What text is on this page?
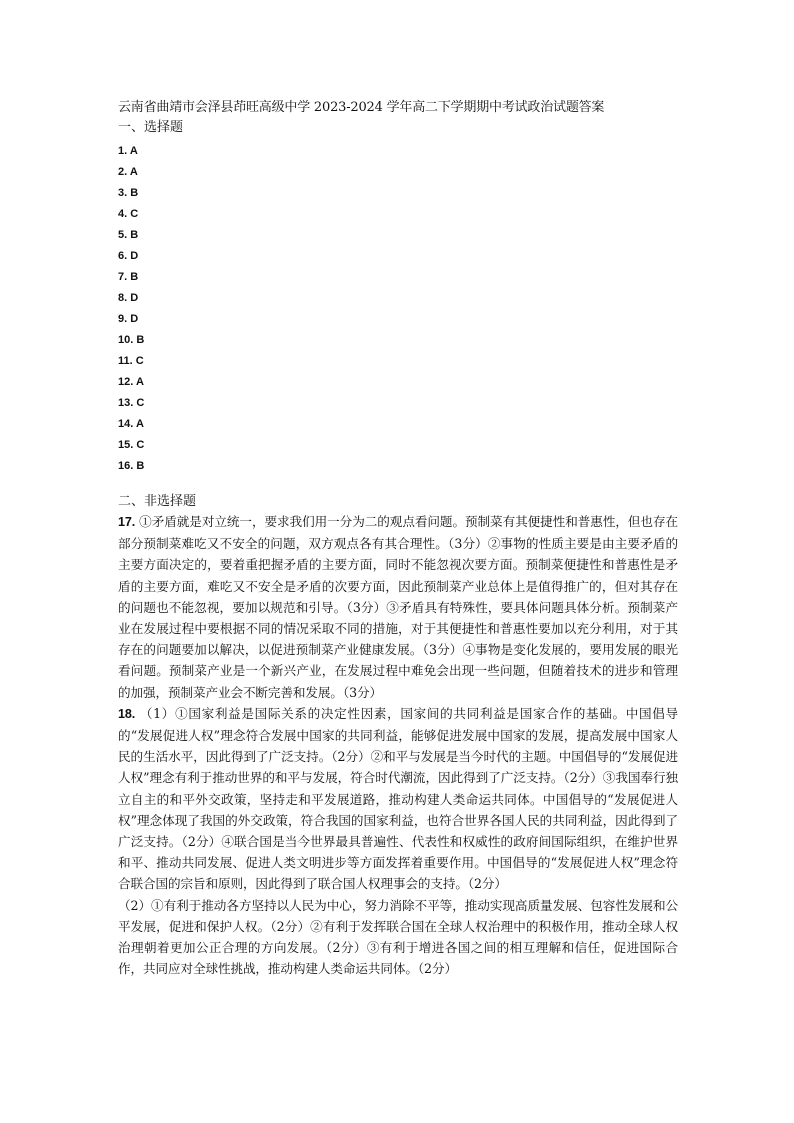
云南省曲靖市会泽县茚旺高级中学 2023-2024 学年高二下学期期中考试政治试题答案
一、选择题
1. A
2. A
3. B
4. C
5. B
6. D
7. B
8. D
9. D
10. B
11. C
12. A
13. C
14. A
15. C
16. B
二、非选择题
17. ①矛盾就是对立统一，要求我们用一分为二的观点看问题。预制菜有其便捷性和普惠性，但也存在部分预制菜难吃又不安全的问题，双方观点各有其合理性。（3分）②事物的性质主要是由主要矛盾的主要方面决定的，要着重把握矛盾的主要方面，同时不能忽视次要方面。预制菜便捷性和普惠性是矛盾的主要方面，难吃又不安全是矛盾的次要方面，因此预制菜产业总体上是值得推广的，但对其存在的问题也不能忽视，要加以规范和引导。（3分）③矛盾具有特殊性，要具体问题具体分析。预制菜产业在发展过程中要根据不同的情况采取不同的措施，对于其便捷性和普惠性要加以充分利用，对于其存在的问题要加以解决，以促进预制菜产业健康发展。（3分）④事物是变化发展的，要用发展的眼光看问题。预制菜产业是一个新兴产业，在发展过程中难免会出现一些问题，但随着技术的进步和管理的加强，预制菜产业会不断完善和发展。（3分）
18. （1）①国家利益是国际关系的决定性因素，国家间的共同利益是国家合作的基础。中国倡导的“发展促进人权”理念符合发展中国家的共同利益，能够促进发展中国家的发展，提高发展中国家人民的生活水平，因此得到了广泛支持。（2分）②和平与发展是当今时代的主题。中国倡导的“发展促进人权”理念有利于推动世界的和平与发展，符合时代潮流，因此得到了广泛支持。（2分）③我国奉行独立自主的和平外交政策，坚持走和平发展道路，推动构建人类命运共同体。中国倡导的“发展促进人权”理念体现了我国的外交政策，符合我国的国家利益，也符合世界各国人民的共同利益，因此得到了广泛支持。（2分）④联合国是当今世界最具普遍性、代表性和权威性的政府间国际组织，在维护世界和平、推动共同发展、促进人类文明进步等方面发挥着重要作用。中国倡导的“发展促进人权”理念符合联合国的宗旨和原则，因此得到了联合国人权理事会的支持。（2分）
（2）①有利于推动各方坚持以人民为中心，努力消除不平等，推动实现高质量发展、包容性发展和公平发展，促进和保护人权。（2分）②有利于发挥联合国在全球人权治理中的积极作用，推动全球人权治理朝着更加公正合理的方向发展。（2分）③有利于增进各国之间的相互理解和信任，促进国际合作，共同应对全球性挑战，推动构建人类命运共同体。（2分）
